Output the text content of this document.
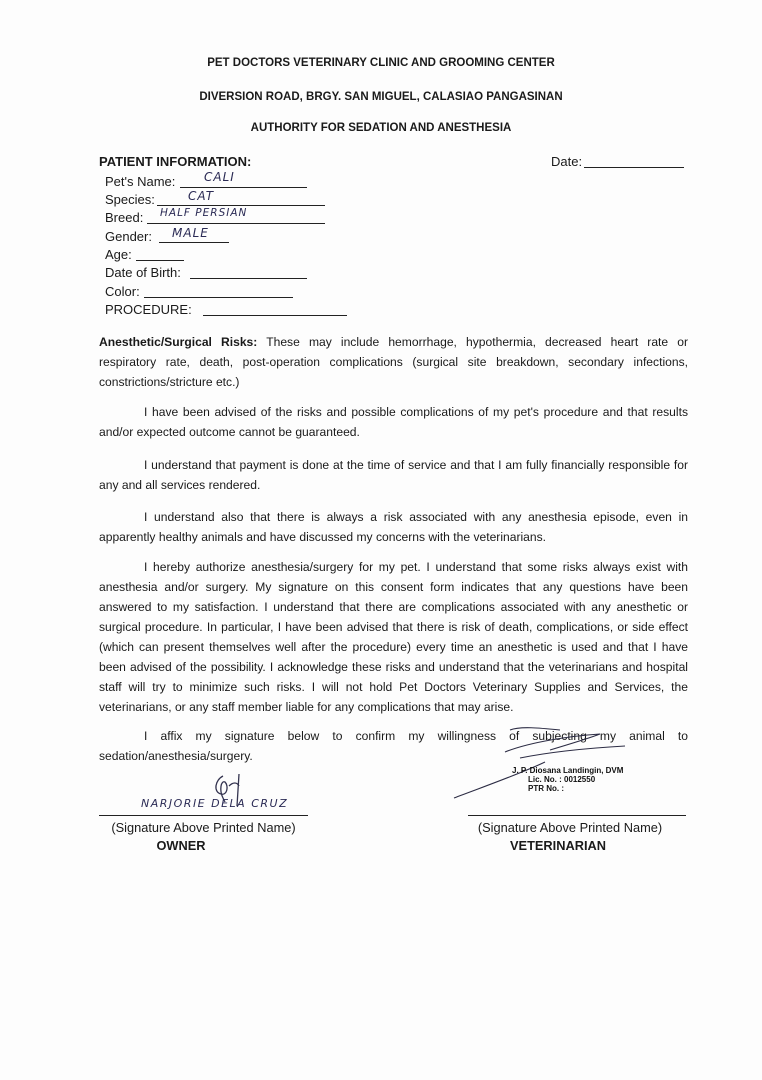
PET DOCTORS VETERINARY CLINIC AND GROOMING CENTER
DIVERSION ROAD, BRGY. SAN MIGUEL, CALASIAO PANGASINAN
AUTHORITY FOR SEDATION AND ANESTHESIA
PATIENT INFORMATION:	Date:
Pet's Name: CALI
Species:	CAT
Breed: HALF PERSIAN
Gender: MALE
Age:
Date of Birth:
Color:
PROCEDURE:
Anesthetic/Surgical Risks: These may include hemorrhage, hypothermia, decreased heart rate or respiratory rate, death, post-operation complications (surgical site breakdown, secondary infections, constrictions/stricture etc.)
I have been advised of the risks and possible complications of my pet's procedure and that results and/or expected outcome cannot be guaranteed.
I understand that payment is done at the time of service and that I am fully financially responsible for any and all services rendered.
I understand also that there is always a risk associated with any anesthesia episode, even in apparently healthy animals and have discussed my concerns with the veterinarians.
I hereby authorize anesthesia/surgery for my pet. I understand that some risks always exist with anesthesia and/or surgery. My signature on this consent form indicates that any questions have been answered to my satisfaction. I understand that there are complications associated with any anesthetic or surgical procedure. In particular, I have been advised that there is risk of death, complications, or side effect (which can present themselves well after the procedure) every time an anesthetic is used and that I have been advised of the possibility. I acknowledge these risks and understand that the veterinarians and hospital staff will try to minimize such risks. I will not hold Pet Doctors Veterinary Supplies and Services, the veterinarians, or any staff member liable for any complications that may arise.
I affix my signature below to confirm my willingness of subjecting my animal to sedation/anesthesia/surgery.
NARJORIE DELA CRUZ
(Signature Above Printed Name)
OWNER
J. P. Diosana Landingin, DVM
Lic. No. : 0012550
PTR No. :
(Signature Above Printed Name)
VETERINARIAN
